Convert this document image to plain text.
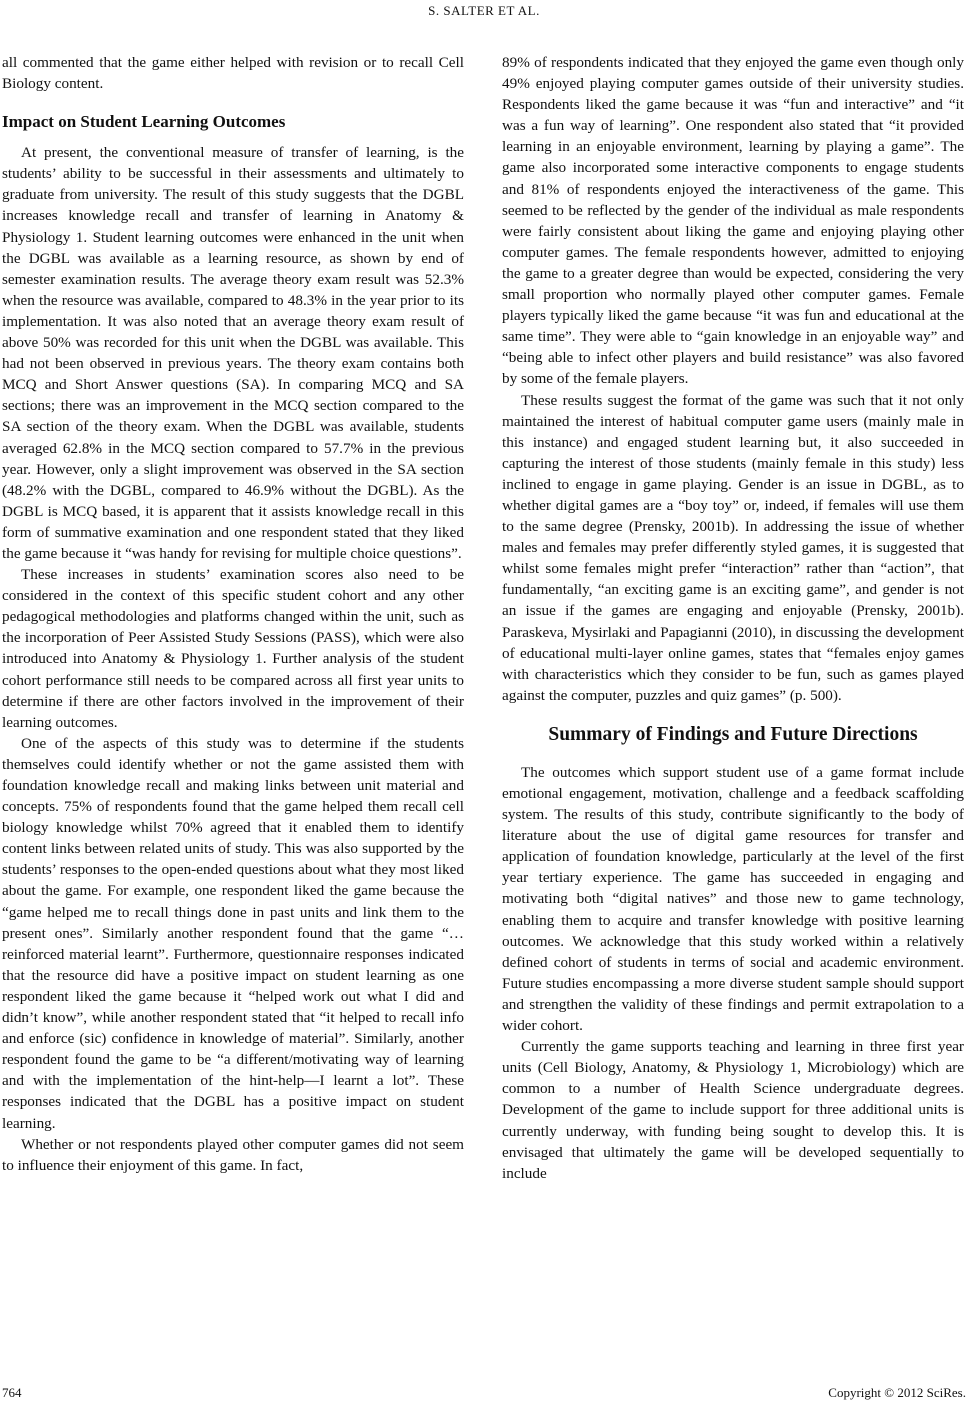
S. SALTER ET AL.

all commented that the game either helped with revision or to recall Cell Biology content.

Impact on Student Learning Outcomes

At present, the conventional measure of transfer of learning, is the students’ ability to be successful in their assessments and ultimately to graduate from university. The result of this study suggests that the DGBL increases knowledge recall and transfer of learning in Anatomy & Physiology 1. Student learning outcomes were enhanced in the unit when the DGBL was available as a learning resource, as shown by end of semester examination results. The average theory exam result was 52.3% when the resource was available, compared to 48.3% in the year prior to its implementation. It was also noted that an average theory exam result of above 50% was recorded for this unit when the DGBL was available. This had not been observed in previous years. The theory exam contains both MCQ and Short Answer questions (SA). In comparing MCQ and SA sections; there was an improvement in the MCQ section compared to the SA section of the theory exam. When the DGBL was available, students averaged 62.8% in the MCQ section compared to 57.7% in the previous year. However, only a slight improvement was observed in the SA section (48.2% with the DGBL, compared to 46.9% without the DGBL). As the DGBL is MCQ based, it is apparent that it assists knowledge recall in this form of summative examination and one respondent stated that they liked the game because it “was handy for revising for multiple choice questions”.

These increases in students’ examination scores also need to be considered in the context of this specific student cohort and any other pedagogical methodologies and platforms changed within the unit, such as the incorporation of Peer Assisted Study Sessions (PASS), which were also introduced into Anatomy & Physiology 1. Further analysis of the student cohort performance still needs to be compared across all first year units to determine if there are other factors involved in the improvement of their learning outcomes.

One of the aspects of this study was to determine if the students themselves could identify whether or not the game assisted them with foundation knowledge recall and making links between unit material and concepts. 75% of respondents found that the game helped them recall cell biology knowledge whilst 70% agreed that it enabled them to identify content links between related units of study. This was also supported by the students’ responses to the open-ended questions about what they most liked about the game. For example, one respondent liked the game because the “game helped me to recall things done in past units and link them to the present ones”. Similarly another respondent found that the game “… reinforced material learnt”. Furthermore, questionnaire responses indicated that the resource did have a positive impact on student learning as one respondent liked the game because it “helped work out what I did and didn’t know”, while another respondent stated that “it helped to recall info and enforce (sic) confidence in knowledge of material”. Similarly, another respondent found the game to be “a different/motivating way of learning and with the implementation of the hint-help—I learnt a lot”. These responses indicated that the DGBL has a positive impact on student learning.

Whether or not respondents played other computer games did not seem to influence their enjoyment of this game. In fact,

89% of respondents indicated that they enjoyed the game even though only 49% enjoyed playing computer games outside of their university studies. Respondents liked the game because it was “fun and interactive” and “it was a fun way of learning”. One respondent also stated that “it provided learning in an enjoyable environment, learning by playing a game”. The game also incorporated some interactive components to engage students and 81% of respondents enjoyed the interactiveness of the game. This seemed to be reflected by the gender of the individual as male respondents were fairly consistent about liking the game and enjoying playing other computer games. The female respondents however, admitted to enjoying the game to a greater degree than would be expected, considering the very small proportion who normally played other computer games. Female players typically liked the game because “it was fun and educational at the same time”. They were able to “gain knowledge in an enjoyable way” and “being able to infect other players and build resistance” was also favored by some of the female players.

These results suggest the format of the game was such that it not only maintained the interest of habitual computer game users (mainly male in this instance) and engaged student learning but, it also succeeded in capturing the interest of those students (mainly female in this study) less inclined to engage in game playing. Gender is an issue in DGBL, as to whether digital games are a “boy toy” or, indeed, if females will use them to the same degree (Prensky, 2001b). In addressing the issue of whether males and females may prefer differently styled games, it is suggested that whilst some females might prefer “interaction” rather than “action”, that fundamentally, “an exciting game is an exciting game”, and gender is not an issue if the games are engaging and enjoyable (Prensky, 2001b). Paraskeva, Mysirlaki and Papagianni (2010), in discussing the development of educational multi-layer online games, states that “females enjoy games with characteristics which they consider to be fun, such as games played against the computer, puzzles and quiz games” (p. 500).

Summary of Findings and Future Directions

The outcomes which support student use of a game format include emotional engagement, motivation, challenge and a feedback scaffolding system. The results of this study, contribute significantly to the body of literature about the use of digital game resources for transfer and application of foundation knowledge, particularly at the level of the first year tertiary experience. The game has succeeded in engaging and motivating both “digital natives” and those new to game technology, enabling them to acquire and transfer knowledge with positive learning outcomes. We acknowledge that this study worked within a relatively defined cohort of students in terms of social and academic environment. Future studies encompassing a more diverse student sample should support and strengthen the validity of these findings and permit extrapolation to a wider cohort.

Currently the game supports teaching and learning in three first year units (Cell Biology, Anatomy, & Physiology 1, Microbiology) which are common to a number of Health Science undergraduate degrees. Development of the game to include support for three additional units is currently underway, with funding being sought to develop this. It is envisaged that ultimately the game will be developed sequentially to include

764	Copyright © 2012 SciRes.
